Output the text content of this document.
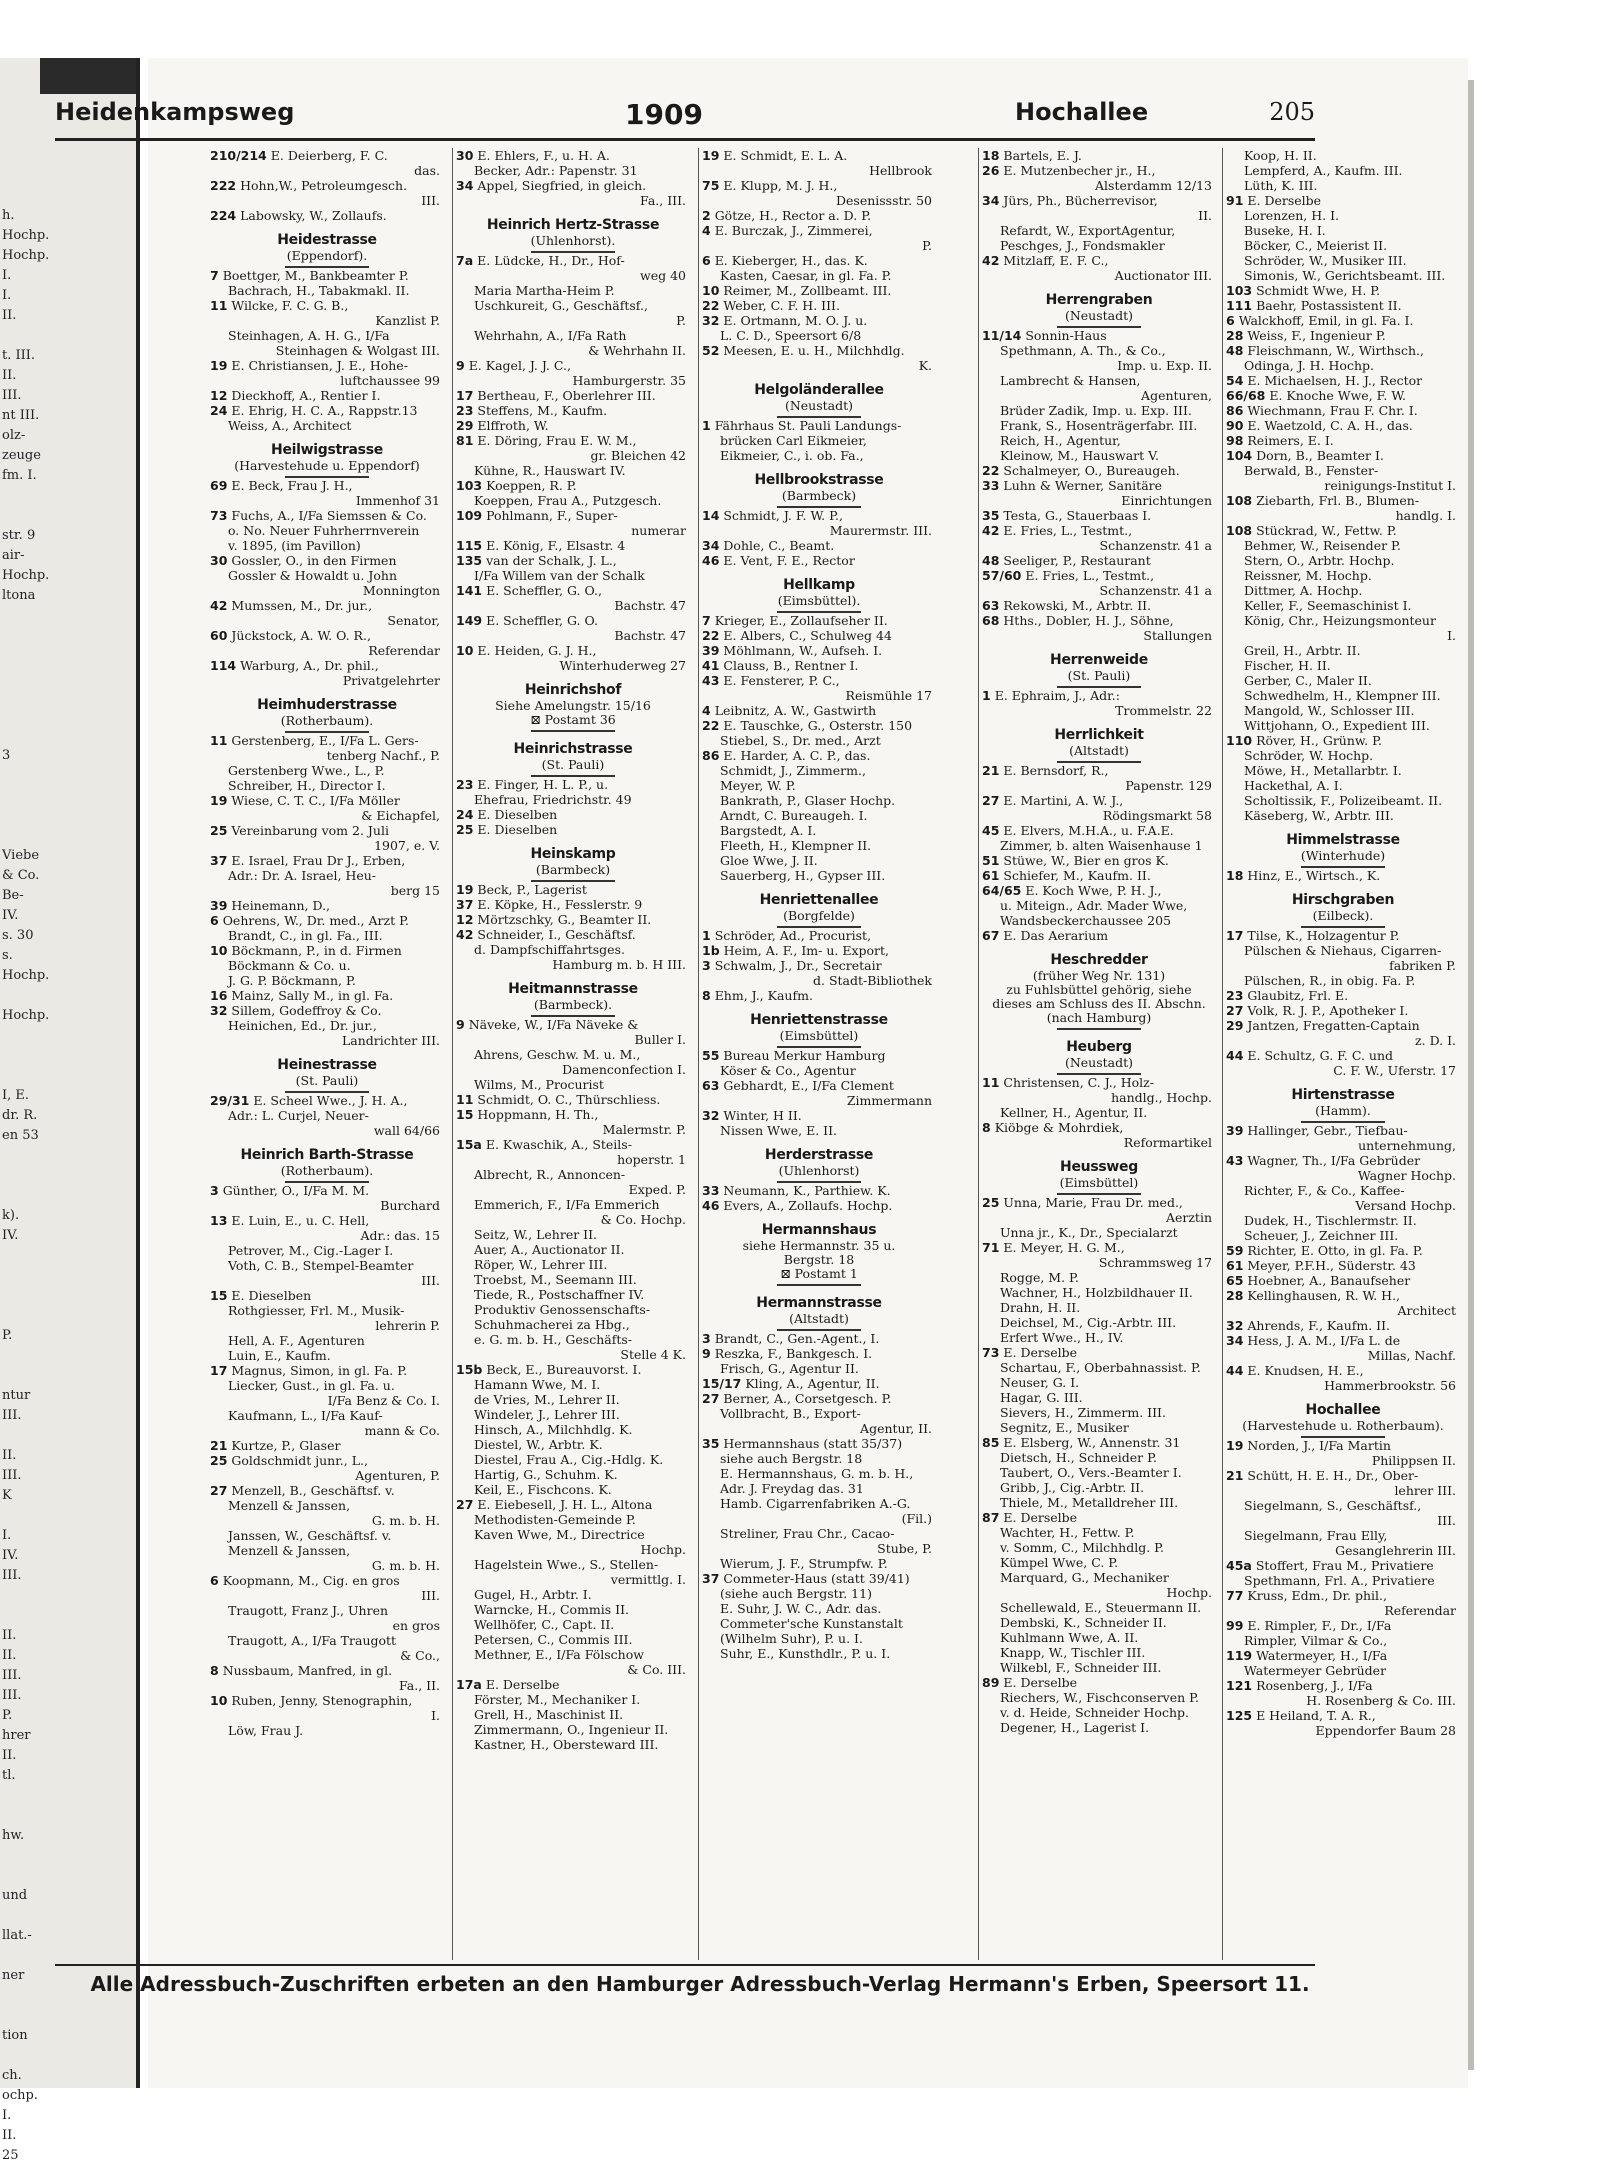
h.
Hochp.
Hochp.
I.
I.
II.
t. III.
II.
III.
nt III.
olz-
zeuge
fm. I.
str. 9
air-
Hochp.
ltona
3
Viebe
& Co.
Be-
IV.
s. 30
s.
Hochp.
Hochp.
I, E.
dr. R.
en 53
k).
IV.
P.
ntur
III.
II.
III.
K
I.
IV.
III.
II.
II.
III.
III.
P.
hrer
II.
tl.
hw.
und
llat.-
ner
tion
ch.
ochp.
I.
II.
25
Heidenkampsweg	1909	Hochallee	205
210/214 E. Deierberg, F. C.
das.
222 Hohn,W., Petroleumgesch.
III.
224 Labowsky, W., Zollaufs.
Heidestrasse
(Eppendorf).
7 Boettger, M., Bankbeamter P.
Bachrach, H., Tabakmakl. II.
11 Wilcke, F. C. G. B.,
Kanzlist P.
Steinhagen, A. H. G., I/Fa
Steinhagen & Wolgast III.
19 E. Christiansen, J. E., Hohe-
luftchaussee 99
12 Dieckhoff, A., Rentier I.
24 E. Ehrig, H. C. A., Rappstr.13
Weiss, A., Architect
Heilwigstrasse
(Harvestehude u. Eppendorf)
69 E. Beck, Frau J. H.,
Immenhof 31
73 Fuchs, A., I/Fa Siemssen & Co.
o. No. Neuer Fuhrherrnverein
v. 1895, (im Pavillon)
30 Gossler, O., in den Firmen
Gossler & Howaldt u. John
Monnington
42 Mumssen, M., Dr. jur.,
Senator,
60 Jückstock, A. W. O. R.,
Referendar
114 Warburg, A., Dr. phil.,
Privatgelehrter
Heimhuderstrasse
(Rotherbaum).
11 Gerstenberg, E., I/Fa L. Gers-
tenberg Nachf., P.
Gerstenberg Wwe., L., P.
Schreiber, H., Director I.
19 Wiese, C. T. C., I/Fa Möller
& Eichapfel,
25 Vereinbarung vom 2. Juli
1907, e. V.
37 E. Israel, Frau Dr J., Erben,
Adr.: Dr. A. Israel, Heu-
berg 15
39 Heinemann, D.,
6 Oehrens, W., Dr. med., Arzt P.
Brandt, C., in gl. Fa., III.
10 Böckmann, P., in d. Firmen
Böckmann & Co. u.
J. G. P. Böckmann, P.
16 Mainz, Sally M., in gl. Fa.
32 Sillem, Godeffroy & Co.
Heinichen, Ed., Dr. jur.,
Landrichter III.
Heinestrasse
(St. Pauli)
29/31 E. Scheel Wwe., J. H. A.,
Adr.: L. Curjel, Neuer-
wall 64/66
Heinrich Barth-Strasse
(Rotherbaum).
3 Günther, O., I/Fa M. M.
Burchard
13 E. Luin, E., u. C. Hell,
Adr.: das. 15
Petrover, M., Cig.-Lager I.
Voth, C. B., Stempel-Beamter
III.
15 E. Dieselben
Rothgiesser, Frl. M., Musik-
lehrerin P.
Hell, A. F., Agenturen
Luin, E., Kaufm.
17 Magnus, Simon, in gl. Fa. P.
Liecker, Gust., in gl. Fa. u.
I/Fa Benz & Co. I.
Kaufmann, L., I/Fa Kauf-
mann & Co.
21 Kurtze, P., Glaser
25 Goldschmidt junr., L.,
Agenturen, P.
27 Menzell, B., Geschäftsf. v.
Menzell & Janssen,
G. m. b. H.
Janssen, W., Geschäftsf. v.
Menzell & Janssen,
G. m. b. H.
6 Koopmann, M., Cig. en gros
III.
Traugott, Franz J., Uhren
en gros
Traugott, A., I/Fa Traugott
& Co.,
8 Nussbaum, Manfred, in gl.
Fa., II.
10 Ruben, Jenny, Stenographin,
I.
Löw, Frau J.
30 E. Ehlers, F., u. H. A.
Becker, Adr.: Papenstr. 31
34 Appel, Siegfried, in gleich.
Fa., III.
Heinrich Hertz-Strasse
(Uhlenhorst).
7a E. Lüdcke, H., Dr., Hof-
weg 40
Maria Martha-Heim P.
Uschkureit, G., Geschäftsf.,
P.
Wehrhahn, A., I/Fa Rath
& Wehrhahn II.
9 E. Kagel, J. J. C.,
Hamburgerstr. 35
17 Bertheau, F., Oberlehrer III.
23 Steffens, M., Kaufm.
29 Elffroth, W.
81 E. Döring, Frau E. W. M.,
gr. Bleichen 42
Kühne, R., Hauswart IV.
103 Koeppen, R. P.
Koeppen, Frau A., Putzgesch.
109 Pohlmann, F., Super-
numerar
115 E. König, F., Elsastr. 4
135 van der Schalk, J. L.,
I/Fa Willem van der Schalk
141 E. Scheffler, G. O.,
Bachstr. 47
149 E. Scheffler, G. O.
Bachstr. 47
10 E. Heiden, G. J. H.,
Winterhuderweg 27
Heinrichshof
Siehe Amelungstr. 15/16
⊠ Postamt 36
Heinrichstrasse
(St. Pauli)
23 E. Finger, H. L. P., u.
Ehefrau, Friedrichstr. 49
24 E. Dieselben
25 E. Dieselben
Heinskamp
(Barmbeck)
19 Beck, P., Lagerist
37 E. Köpke, H., Fesslerstr. 9
12 Mörtzschky, G., Beamter II.
42 Schneider, I., Geschäftsf.
d. Dampfschiffahrtsges.
Hamburg m. b. H III.
Heitmannstrasse
(Barmbeck).
9 Näveke, W., I/Fa Näveke &
Buller I.
Ahrens, Geschw. M. u. M.,
Damenconfection I.
Wilms, M., Procurist
11 Schmidt, O. C., Thürschliess.
15 Hoppmann, H. Th.,
Malermstr. P.
15a E. Kwaschik, A., Steils-
hoperstr. 1
Albrecht, R., Annoncen-
Exped. P.
Emmerich, F., I/Fa Emmerich
& Co. Hochp.
Seitz, W., Lehrer II.
Auer, A., Auctionator II.
Röper, W., Lehrer III.
Troebst, M., Seemann III.
Tiede, R., Postschaffner IV.
Produktiv Genossenschafts-
Schuhmacherei za Hbg.,
e. G. m. b. H., Geschäfts-
Stelle 4 K.
15b Beck, E., Bureauvorst. I.
Hamann Wwe, M. I.
de Vries, M., Lehrer II.
Windeler, J., Lehrer III.
Hinsch, A., Milchhdlg. K.
Diestel, W., Arbtr. K.
Diestel, Frau A., Cig.-Hdlg. K.
Hartig, G., Schuhm. K.
Keil, E., Fischcons. K.
27 E. Eiebesell, J. H. L., Altona
Methodisten-Gemeinde P.
Kaven Wwe, M., Directrice
Hochp.
Hagelstein Wwe., S., Stellen-
vermittlg. I.
Gugel, H., Arbtr. I.
Warncke, H., Commis II.
Wellhöfer, C., Capt. II.
Petersen, C., Commis III.
Methner, E., I/Fa Fölschow
& Co. III.
17a E. Derselbe
Förster, M., Mechaniker I.
Grell, H., Maschinist II.
Zimmermann, O., Ingenieur II.
Kastner, H., Obersteward III.
19 E. Schmidt, E. L. A.
Hellbrook
75 E. Klupp, M. J. H.,
Desenissstr. 50
2 Götze, H., Rector a. D. P.
4 E. Burczak, J., Zimmerei,
P.
6 E. Kieberger, H., das. K.
Kasten, Caesar, in gl. Fa. P.
10 Reimer, M., Zollbeamt. III.
22 Weber, C. F. H. III.
32 E. Ortmann, M. O. J. u.
L. C. D., Speersort 6/8
52 Meesen, E. u. H., Milchhdlg.
K.
Helgoländerallee
(Neustadt)
1 Fährhaus St. Pauli Landungs-
brücken Carl Eikmeier,
Eikmeier, C., i. ob. Fa.,
Hellbrookstrasse
(Barmbeck)
14 Schmidt, J. F. W. P.,
Maurermstr. III.
34 Dohle, C., Beamt.
46 E. Vent, F. E., Rector
Hellkamp
(Eimsbüttel).
7 Krieger, E., Zollaufseher II.
22 E. Albers, C., Schulweg 44
39 Möhlmann, W., Aufseh. I.
41 Clauss, B., Rentner I.
43 E. Fensterer, P. C.,
Reismühle 17
4 Leibnitz, A. W., Gastwirth
22 E. Tauschke, G., Osterstr. 150
Stiebel, S., Dr. med., Arzt
86 E. Harder, A. C. P., das.
Schmidt, J., Zimmerm.,
Meyer, W. P.
Bankrath, P., Glaser Hochp.
Arndt, C. Bureaugeh. I.
Bargstedt, A. I.
Fleeth, H., Klempner II.
Gloe Wwe, J. II.
Sauerberg, H., Gypser III.
Henriettenallee
(Borgfelde)
1 Schröder, Ad., Procurist,
1b Heim, A. F., Im- u. Export,
3 Schwalm, J., Dr., Secretair
d. Stadt-Bibliothek
8 Ehm, J., Kaufm.
Henriettenstrasse
(Eimsbüttel)
55 Bureau Merkur Hamburg
Köser & Co., Agentur
63 Gebhardt, E., I/Fa Clement
Zimmermann
32 Winter, H II.
Nissen Wwe, E. II.
Herderstrasse
(Uhlenhorst)
33 Neumann, K., Parthiew. K.
46 Evers, A., Zollaufs. Hochp.
Hermannshaus
siehe Hermannstr. 35 u.
Bergstr. 18
⊠ Postamt 1
Hermannstrasse
(Altstadt)
3 Brandt, C., Gen.-Agent., I.
9 Reszka, F., Bankgesch. I.
Frisch, G., Agentur II.
15/17 Kling, A., Agentur, II.
27 Berner, A., Corsetgesch. P.
Vollbracht, B., Export-
Agentur, II.
35 Hermannshaus (statt 35/37)
siehe auch Bergstr. 18
E. Hermannshaus, G. m. b. H.,
Adr. J. Freydag das. 31
Hamb. Cigarrenfabriken A.-G.
(Fil.)
Streliner, Frau Chr., Cacao-
Stube, P.
Wierum, J. F., Strumpfw. P.
37 Commeter-Haus (statt 39/41)
(siehe auch Bergstr. 11)
E. Suhr, J. W. C., Adr. das.
Commeter'sche Kunstanstalt
(Wilhelm Suhr), P. u. I.
Suhr, E., Kunsthdlr., P. u. I.
18 Bartels, E. J.
26 E. Mutzenbecher jr., H.,
Alsterdamm 12/13
34 Jürs, Ph., Bücherrevisor,
II.
Refardt, W., ExportAgentur,
Peschges, J., Fondsmakler
42 Mitzlaff, E. F. C.,
Auctionator III.
Herrengraben
(Neustadt)
11/14 Sonnin-Haus
Spethmann, A. Th., & Co.,
Imp. u. Exp. II.
Lambrecht & Hansen,
Agenturen,
Brüder Zadik, Imp. u. Exp. III.
Frank, S., Hosenträgerfabr. III.
Reich, H., Agentur,
Kleinow, M., Hauswart V.
22 Schalmeyer, O., Bureaugeh.
33 Luhn & Werner, Sanitäre
Einrichtungen
35 Testa, G., Stauerbaas I.
42 E. Fries, L., Testmt.,
Schanzenstr. 41 a
48 Seeliger, P., Restaurant
57/60 E. Fries, L., Testmt.,
Schanzenstr. 41 a
63 Rekowski, M., Arbtr. II.
68 Hths., Dobler, H. J., Söhne,
Stallungen
Herrenweide
(St. Pauli)
1 E. Ephraim, J., Adr.:
Trommelstr. 22
Herrlichkeit
(Altstadt)
21 E. Bernsdorf, R.,
Papenstr. 129
27 E. Martini, A. W. J.,
Rödingsmarkt 58
45 E. Elvers, M.H.A., u. F.A.E.
Zimmer, b. alten Waisenhause 1
51 Stüwe, W., Bier en gros K.
61 Schiefer, M., Kaufm. II.
64/65 E. Koch Wwe, P. H. J.,
u. Miteign., Adr. Mader Wwe,
Wandsbeckerchaussee 205
67 E. Das Aerarium
Heschredder
(früher Weg Nr. 131)
zu Fuhlsbüttel gehörig, siehe
dieses am Schluss des II. Abschn.
(nach Hamburg)
Heuberg
(Neustadt)
11 Christensen, C. J., Holz-
handlg., Hochp.
Kellner, H., Agentur, II.
8 Kiöbge & Mohrdiek,
Reformartikel
Heussweg
(Eimsbüttel)
25 Unna, Marie, Frau Dr. med.,
Aerztin
Unna jr., K., Dr., Specialarzt
71 E. Meyer, H. G. M.,
Schrammsweg 17
Rogge, M. P.
Wachner, H., Holzbildhauer II.
Drahn, H. II.
Deichsel, M., Cig.-Arbtr. III.
Erfert Wwe., H., IV.
73 E. Derselbe
Schartau, F., Oberbahnassist. P.
Neuser, G. I.
Hagar, G. III.
Sievers, H., Zimmerm. III.
Segnitz, E., Musiker
85 E. Elsberg, W., Annenstr. 31
Dietsch, H., Schneider P.
Taubert, O., Vers.-Beamter I.
Gribb, J., Cig.-Arbtr. II.
Thiele, M., Metalldreher III.
87 E. Derselbe
Wachter, H., Fettw. P.
v. Somm, C., Milchhdlg. P.
Kümpel Wwe, C. P.
Marquard, G., Mechaniker
Hochp.
Schellewald, E., Steuermann II.
Dembski, K., Schneider II.
Kuhlmann Wwe, A. II.
Knapp, W., Tischler III.
Wilkebl, F., Schneider III.
89 E. Derselbe
Riechers, W., Fischconserven P.
v. d. Heide, Schneider Hochp.
Degener, H., Lagerist I.
Koop, H. II.
Lempferd, A., Kaufm. III.
Lüth, K. III.
91 E. Derselbe
Lorenzen, H. I.
Buseke, H. I.
Böcker, C., Meierist II.
Schröder, W., Musiker III.
Simonis, W., Gerichtsbeamt. III.
103 Schmidt Wwe, H. P.
111 Baehr, Postassistent II.
6 Walckhoff, Emil, in gl. Fa. I.
28 Weiss, F., Ingenieur P.
48 Fleischmann, W., Wirthsch.,
Odinga, J. H. Hochp.
54 E. Michaelsen, H. J., Rector
66/68 E. Knoche Wwe, F. W.
86 Wiechmann, Frau F. Chr. I.
90 E. Waetzold, C. A. H., das.
98 Reimers, E. I.
104 Dorn, B., Beamter I.
Berwald, B., Fenster-
reinigungs-Institut I.
108 Ziebarth, Frl. B., Blumen-
handlg. I.
108 Stückrad, W., Fettw. P.
Behmer, W., Reisender P.
Stern, O., Arbtr. Hochp.
Reissner, M. Hochp.
Dittmer, A. Hochp.
Keller, F., Seemaschinist I.
König, Chr., Heizungsmonteur
I.
Greil, H., Arbtr. II.
Fischer, H. II.
Gerber, C., Maler II.
Schwedhelm, H., Klempner III.
Mangold, W., Schlosser III.
Wittjohann, O., Expedient III.
110 Röver, H., Grünw. P.
Schröder, W. Hochp.
Möwe, H., Metallarbtr. I.
Hackethal, A. I.
Scholtissik, F., Polizeibeamt. II.
Käseberg, W., Arbtr. III.
Himmelstrasse
(Winterhude)
18 Hinz, E., Wirtsch., K.
Hirschgraben
(Eilbeck).
17 Tilse, K., Holzagentur P.
Pülschen & Niehaus, Cigarren-
fabriken P.
Pülschen, R., in obig. Fa. P.
23 Glaubitz, Frl. E.
27 Volk, R. J. P., Apotheker I.
29 Jantzen, Fregatten-Captain
z. D. I.
44 E. Schultz, G. F. C. und
C. F. W., Uferstr. 17
Hirtenstrasse
(Hamm).
39 Hallinger, Gebr., Tiefbau-
unternehmung,
43 Wagner, Th., I/Fa Gebrüder
Wagner Hochp.
Richter, F., & Co., Kaffee-
Versand Hochp.
Dudek, H., Tischlermstr. II.
Scheuer, J., Zeichner III.
59 Richter, E. Otto, in gl. Fa. P.
61 Meyer, P.F.H., Süderstr. 43
65 Hoebner, A., Banaufseher
28 Kellinghausen, R. W. H.,
Architect
32 Ahrends, F., Kaufm. II.
34 Hess, J. A. M., I/Fa L. de
Millas, Nachf.
44 E. Knudsen, H. E.,
Hammerbrookstr. 56
Hochallee
(Harvestehude u. Rotherbaum).
19 Norden, J., I/Fa Martin
Philippsen II.
21 Schütt, H. E. H., Dr., Ober-
lehrer III.
Siegelmann, S., Geschäftsf.,
III.
Siegelmann, Frau Elly,
Gesanglehrerin III.
45a Stoffert, Frau M., Privatiere
Spethmann, Frl. A., Privatiere
77 Kruss, Edm., Dr. phil.,
Referendar
99 E. Rimpler, F., Dr., I/Fa
Rimpler, Vilmar & Co.,
119 Watermeyer, H., I/Fa
Watermeyer Gebrüder
121 Rosenberg, J., I/Fa
H. Rosenberg & Co. III.
125 E Heiland, T. A. R.,
Eppendorfer Baum 28
Alle Adressbuch-Zuschriften erbeten an den Hamburger Adressbuch-Verlag Hermann's Erben, Speersort 11.
